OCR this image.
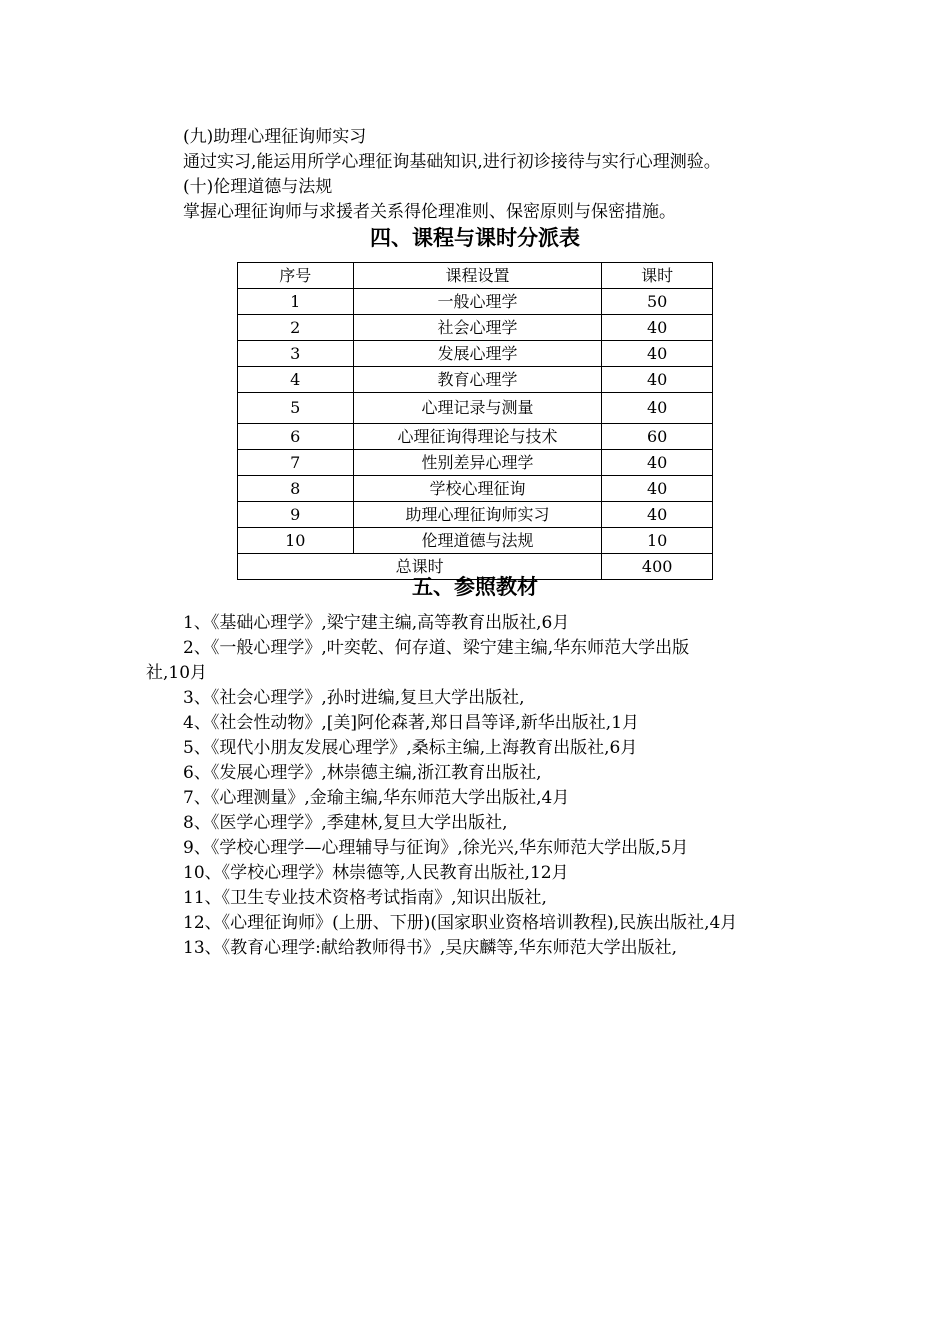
(九)助理心理征询师实习
通过实习,能运用所学心理征询基础知识,进行初诊接待与实行心理测验。
(十)伦理道德与法规
掌握心理征询师与求援者关系得伦理准则、保密原则与保密措施。
四、课程与课时分派表
序号	课程设置	课时
1	一般心理学	50
2	社会心理学	40
3	发展心理学	40
4	教育心理学	40
5	心理记录与测量	40
6	心理征询得理论与技术	60
7	性别差异心理学	40
8	学校心理征询	40
9	助理心理征询师实习	40
10	伦理道德与法规	10
总课时		400
五、参照教材
1、《基础心理学》,梁宁建主编,高等教育出版社,6月
2、《一般心理学》,叶奕乾、何存道、梁宁建主编,华东师范大学出版
社,10月
3、《社会心理学》,孙时进编,复旦大学出版社,
4、《社会性动物》,[美]阿伦森著,郑日昌等译,新华出版社,1月
5、《现代小朋友发展心理学》,桑标主编,上海教育出版社,6月
6、《发展心理学》,林崇德主编,浙江教育出版社,
7、《心理测量》,金瑜主编,华东师范大学出版社,4月
8、《医学心理学》,季建林,复旦大学出版社,
9、《学校心理学—心理辅导与征询》,徐光兴,华东师范大学出版,5月
10、《学校心理学》林崇德等,人民教育出版社,12月
11、《卫生专业技术资格考试指南》,知识出版社,
12、《心理征询师》(上册、下册)(国家职业资格培训教程),民族出版社,4月
13、《教育心理学:献给教师得书》,吴庆麟等,华东师范大学出版社,
